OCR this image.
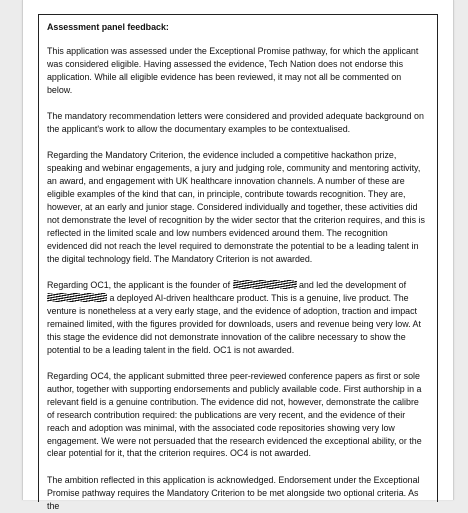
Assessment panel feedback:

This application was assessed under the Exceptional Promise pathway, for which the applicant was considered eligible. Having assessed the evidence, Tech Nation does not endorse this application. While all eligible evidence has been reviewed, it may not all be commented on below.

The mandatory recommendation letters were considered and provided adequate background on the applicant's work to allow the documentary examples to be contextualised.

Regarding the Mandatory Criterion, the evidence included a competitive hackathon prize, speaking and webinar engagements, a jury and judging role, community and mentoring activity, an award, and engagement with UK healthcare innovation channels. A number of these are eligible examples of the kind that can, in principle, contribute towards recognition. They are, however, at an early and junior stage. Considered individually and together, these activities did not demonstrate the level of recognition by the wider sector that the criterion requires, and this is reflected in the limited scale and low numbers evidenced around them. The recognition evidenced did not reach the level required to demonstrate the potential to be a leading talent in the digital technology field. The Mandatory Criterion is not awarded.

Regarding OC1, the applicant is the founder of	and led the development of  a deployed AI-driven healthcare product. This is a genuine, live product. The venture is nonetheless at a very early stage, and the evidence of adoption, traction and impact remained limited, with the figures provided for downloads, users and revenue being very low. At this stage the evidence did not demonstrate innovation of the calibre necessary to show the potential to be a leading talent in the field. OC1 is not awarded.

Regarding OC4, the applicant submitted three peer-reviewed conference papers as first or sole author, together with supporting endorsements and publicly available code. First authorship in a relevant field is a genuine contribution. The evidence did not, however, demonstrate the calibre of research contribution required: the publications are very recent, and the evidence of their reach and adoption was minimal, with the associated code repositories showing very low engagement. We were not persuaded that the research evidenced the exceptional ability, or the clear potential for it, that the criterion requires. OC4 is not awarded.

The ambition reflected in this application is acknowledged. Endorsement under the Exceptional Promise pathway requires the Mandatory Criterion to be met alongside two optional criteria. As the
